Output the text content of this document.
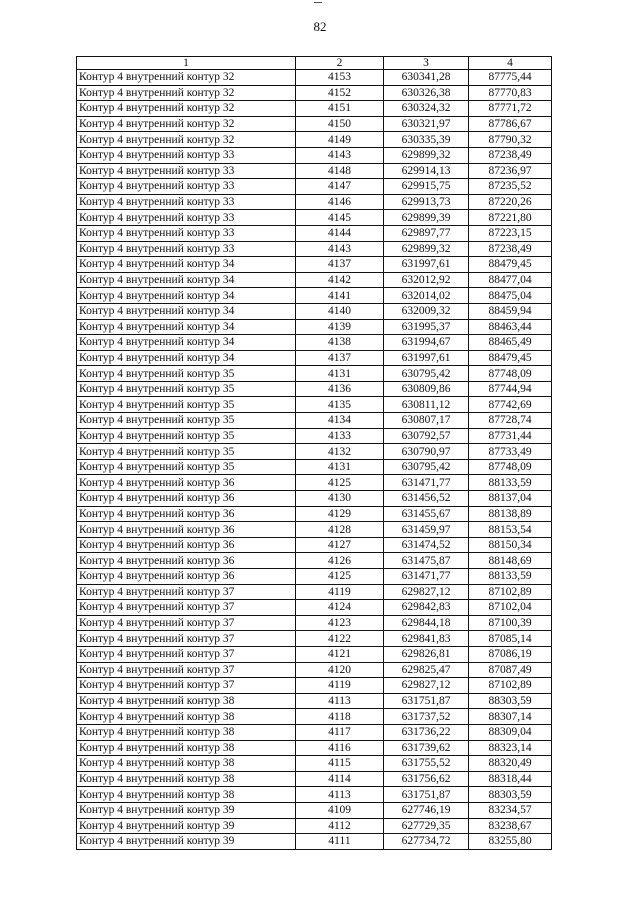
82
1	2	3	4
Контур 4 внутренний контур 32	4153	630341,28	87775,44
Контур 4 внутренний контур 32	4152	630326,38	87770,83
Контур 4 внутренний контур 32	4151	630324,32	87771,72
Контур 4 внутренний контур 32	4150	630321,97	87786,67
Контур 4 внутренний контур 32	4149	630335,39	87790,32
Контур 4 внутренний контур 33	4143	629899,32	87238,49
Контур 4 внутренний контур 33	4148	629914,13	87236,97
Контур 4 внутренний контур 33	4147	629915,75	87235,52
Контур 4 внутренний контур 33	4146	629913,73	87220,26
Контур 4 внутренний контур 33	4145	629899,39	87221,80
Контур 4 внутренний контур 33	4144	629897,77	87223,15
Контур 4 внутренний контур 33	4143	629899,32	87238,49
Контур 4 внутренний контур 34	4137	631997,61	88479,45
Контур 4 внутренний контур 34	4142	632012,92	88477,04
Контур 4 внутренний контур 34	4141	632014,02	88475,04
Контур 4 внутренний контур 34	4140	632009,32	88459,94
Контур 4 внутренний контур 34	4139	631995,37	88463,44
Контур 4 внутренний контур 34	4138	631994,67	88465,49
Контур 4 внутренний контур 34	4137	631997,61	88479,45
Контур 4 внутренний контур 35	4131	630795,42	87748,09
Контур 4 внутренний контур 35	4136	630809,86	87744,94
Контур 4 внутренний контур 35	4135	630811,12	87742,69
Контур 4 внутренний контур 35	4134	630807,17	87728,74
Контур 4 внутренний контур 35	4133	630792,57	87731,44
Контур 4 внутренний контур 35	4132	630790,97	87733,49
Контур 4 внутренний контур 35	4131	630795,42	87748,09
Контур 4 внутренний контур 36	4125	631471,77	88133,59
Контур 4 внутренний контур 36	4130	631456,52	88137,04
Контур 4 внутренний контур 36	4129	631455,67	88138,89
Контур 4 внутренний контур 36	4128	631459,97	88153,54
Контур 4 внутренний контур 36	4127	631474,52	88150,34
Контур 4 внутренний контур 36	4126	631475,87	88148,69
Контур 4 внутренний контур 36	4125	631471,77	88133,59
Контур 4 внутренний контур 37	4119	629827,12	87102,89
Контур 4 внутренний контур 37	4124	629842,83	87102,04
Контур 4 внутренний контур 37	4123	629844,18	87100,39
Контур 4 внутренний контур 37	4122	629841,83	87085,14
Контур 4 внутренний контур 37	4121	629826,81	87086,19
Контур 4 внутренний контур 37	4120	629825,47	87087,49
Контур 4 внутренний контур 37	4119	629827,12	87102,89
Контур 4 внутренний контур 38	4113	631751,87	88303,59
Контур 4 внутренний контур 38	4118	631737,52	88307,14
Контур 4 внутренний контур 38	4117	631736,22	88309,04
Контур 4 внутренний контур 38	4116	631739,62	88323,14
Контур 4 внутренний контур 38	4115	631755,52	88320,49
Контур 4 внутренний контур 38	4114	631756,62	88318,44
Контур 4 внутренний контур 38	4113	631751,87	88303,59
Контур 4 внутренний контур 39	4109	627746,19	83234,57
Контур 4 внутренний контур 39	4112	627729,35	83238,67
Контур 4 внутренний контур 39	4111	627734,72	83255,80
